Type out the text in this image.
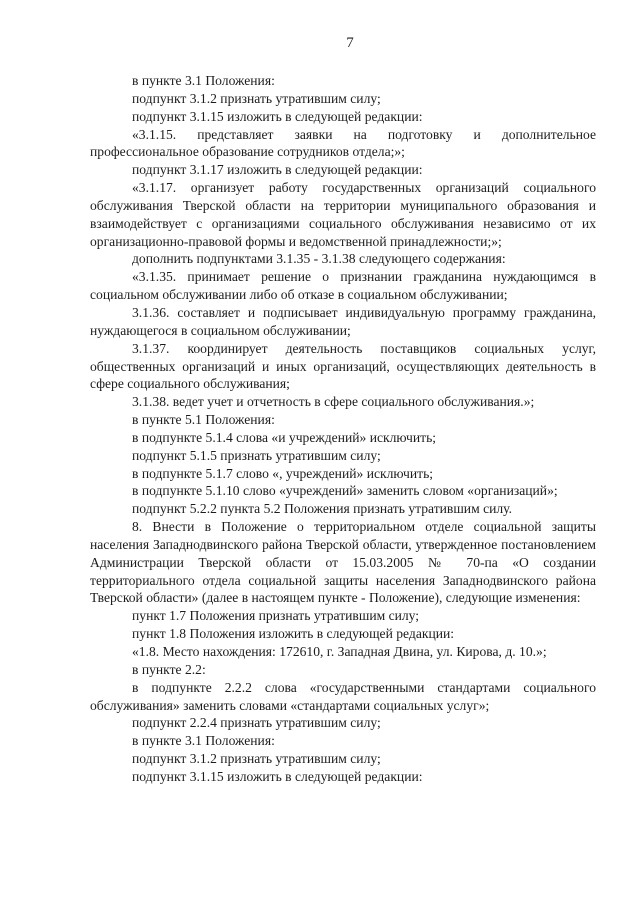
7

в пункте 3.1 Положения:

подпункт 3.1.2 признать утратившим силу;

подпункт 3.1.15 изложить в следующей редакции:

«3.1.15. представляет заявки на подготовку и дополнительное профессиональное образование сотрудников отдела;»;

подпункт 3.1.17 изложить в следующей редакции:

«3.1.17. организует работу государственных организаций социального обслуживания Тверской области на территории муниципального образования и взаимодействует с организациями социального обслуживания независимо от их организационно-правовой формы и ведомственной принадлежности;»;

дополнить подпунктами 3.1.35 - 3.1.38 следующего содержания:

«3.1.35. принимает решение о признании гражданина нуждающимся в социальном обслуживании либо об отказе в социальном обслуживании;

3.1.36. составляет и подписывает индивидуальную программу гражданина, нуждающегося в социальном обслуживании;

3.1.37. координирует деятельность поставщиков социальных услуг, общественных организаций и иных организаций, осуществляющих деятельность в сфере социального обслуживания;

3.1.38. ведет учет и отчетность в сфере социального обслуживания.»;

в пункте 5.1 Положения:

в подпункте 5.1.4 слова «и учреждений» исключить;

подпункт 5.1.5 признать утратившим силу;

в подпункте 5.1.7 слово «, учреждений» исключить;

в подпункте 5.1.10 слово «учреждений» заменить словом «организаций»;

подпункт 5.2.2 пункта 5.2 Положения признать утратившим силу.

8. Внести в Положение о территориальном отделе социальной защиты населения Западнодвинского района Тверской области, утвержденное постановлением Администрации Тверской области от 15.03.2005 № 70-па «О создании территориального отдела социальной защиты населения Западнодвинского района Тверской области» (далее в настоящем пункте - Положение), следующие изменения:

пункт 1.7 Положения признать утратившим силу;

пункт 1.8 Положения изложить в следующей редакции:

«1.8. Место нахождения: 172610, г. Западная Двина, ул. Кирова, д. 10.»;

в пункте 2.2:

в подпункте 2.2.2 слова «государственными стандартами социального обслуживания» заменить словами «стандартами социальных услуг»;

подпункт 2.2.4 признать утратившим силу;

в пункте 3.1 Положения:

подпункт 3.1.2 признать утратившим силу;

подпункт 3.1.15 изложить в следующей редакции:
